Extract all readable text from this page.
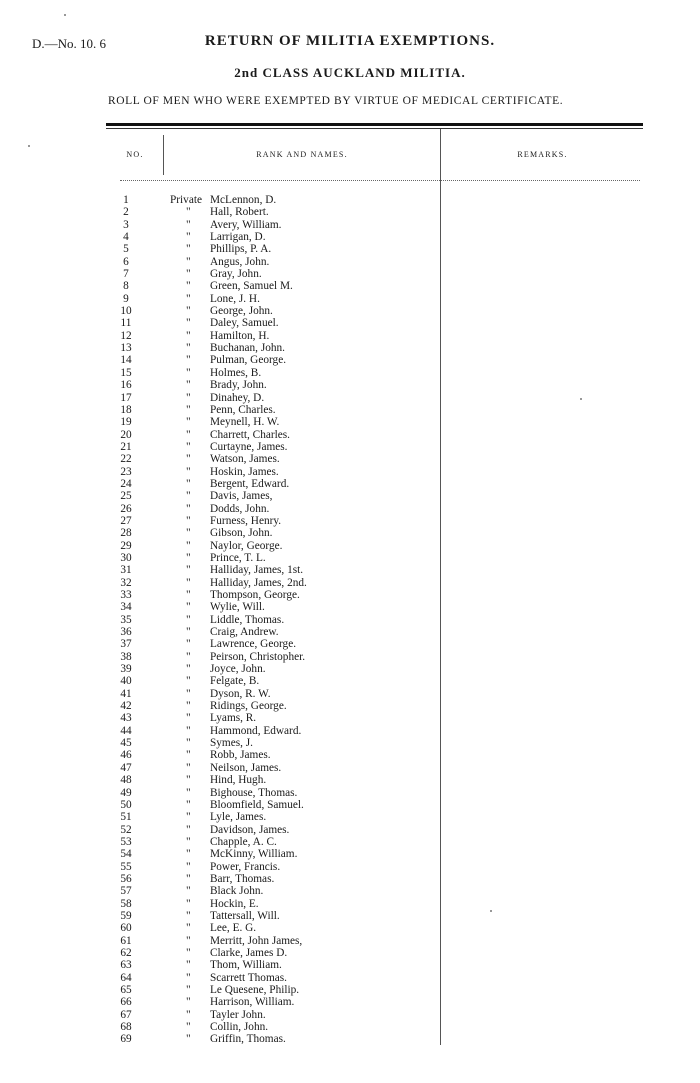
D.—No. 10. 6	RETURN OF MILITIA EXEMPTIONS.
2nd CLASS AUCKLAND MILITIA.
ROLL OF MEN WHO WERE EXEMPTED BY VIRTUE OF MEDICAL CERTIFICATE.
NO.	RANK AND NAMES.	REMARKS.
1	Private McLennon, D.
2	" Hall, Robert.
3	" Avery, William.
4	" Larrigan, D.
5	" Phillips, P. A.
6	" Angus, John.
7	" Gray, John.
8	" Green, Samuel M.
9	" Lone, J. H.
10	" George, John.
11	" Daley, Samuel.
12	" Hamilton, H.
13	" Buchanan, John.
14	" Pulman, George.
15	" Holmes, B.
16	" Brady, John.
17	" Dinahey, D.
18	" Penn, Charles.
19	" Meynell, H. W.
20	" Charrett, Charles.
21	" Curtayne, James.
22	" Watson, James.
23	" Hoskin, James.
24	" Bergent, Edward.
25	" Davis, James,
26	" Dodds, John.
27	" Furness, Henry.
28	" Gibson, John.
29	" Naylor, George.
30	" Prince, T. L.
31	" Halliday, James, 1st.
32	" Halliday, James, 2nd.
33	" Thompson, George.
34	" Wylie, Will.
35	" Liddle, Thomas.
36	" Craig, Andrew.
37	" Lawrence, George.
38	" Peirson, Christopher.
39	" Joyce, John.
40	" Felgate, B.
41	" Dyson, R. W.
42	" Ridings, George.
43	" Lyams, R.
44	" Hammond, Edward.
45	" Symes, J.
46	" Robb, James.
47	" Neilson, James.
48	" Hind, Hugh.
49	" Bighouse, Thomas.
50	" Bloomfield, Samuel.
51	" Lyle, James.
52	" Davidson, James.
53	" Chapple, A. C.
54	" McKinny, William.
55	" Power, Francis.
56	" Barr, Thomas.
57	" Black John.
58	" Hockin, E.
59	" Tattersall, Will.
60	" Lee, E. G.
61	" Merritt, John James,
62	" Clarke, James D.
63	" Thom, William.
64	" Scarrett Thomas.
65	" Le Quesene, Philip.
66	" Harrison, William.
67	" Tayler John.
68	" Collin, John.
69	" Griffin, Thomas.
